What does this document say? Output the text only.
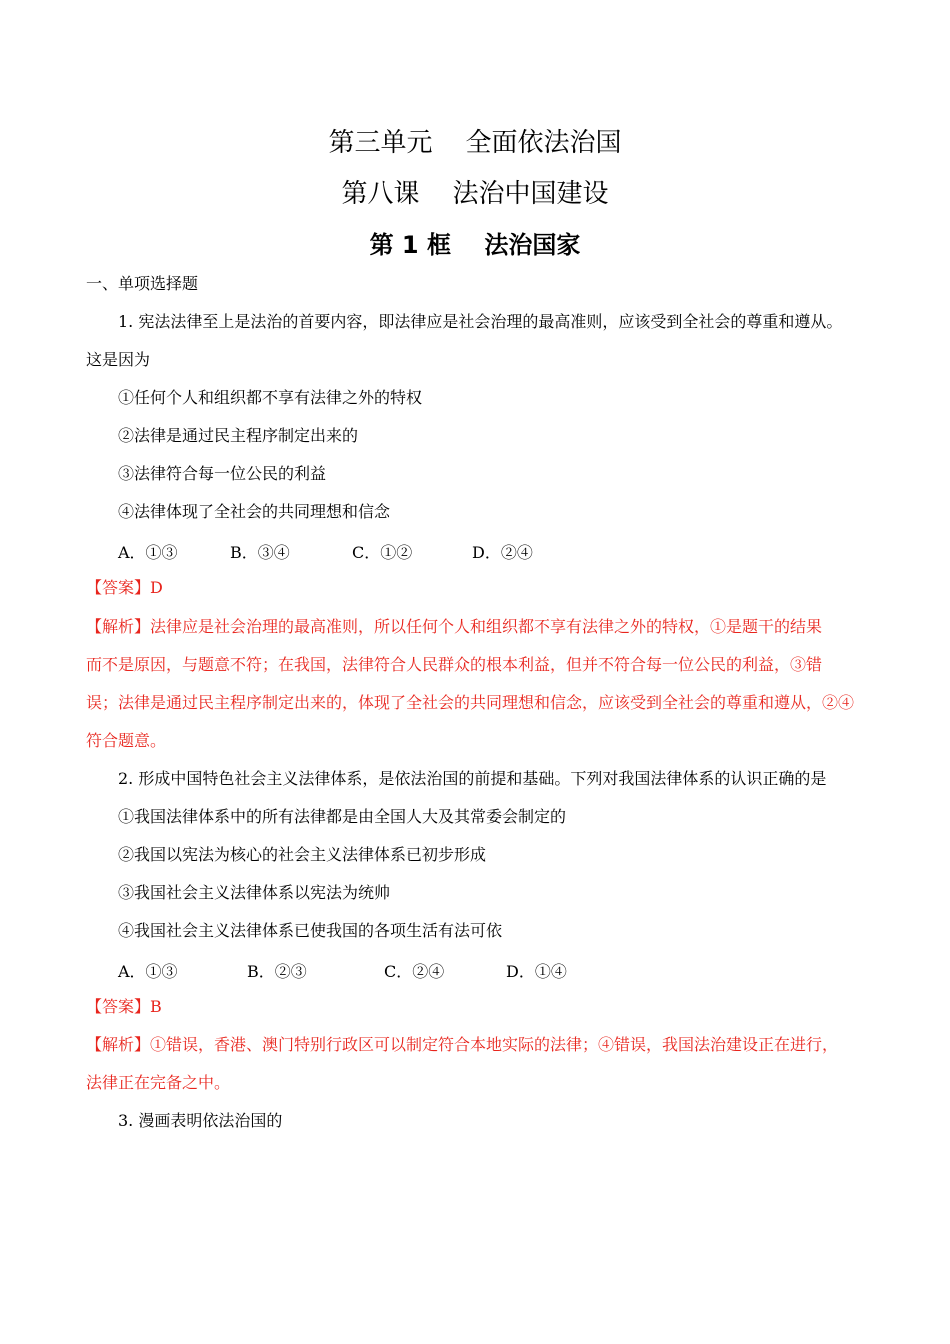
第三单元    全面依法治国
第八课    法治中国建设
第 1 框    法治国家
一、单项选择题
1. 宪法法律至上是法治的首要内容，即法律应是社会治理的最高准则，应该受到全社会的尊重和遵从。
这是因为
①任何个人和组织都不享有法律之外的特权
②法律是通过民主程序制定出来的
③法律符合每一位公民的利益
④法律体现了全社会的共同理想和信念
A．①③	B．③④	C．①②	D．②④
【答案】D
【解析】法律应是社会治理的最高准则，所以任何个人和组织都不享有法律之外的特权，①是题干的结果
而不是原因，与题意不符；在我国，法律符合人民群众的根本利益，但并不符合每一位公民的利益，③错
误；法律是通过民主程序制定出来的，体现了全社会的共同理想和信念，应该受到全社会的尊重和遵从，②④
符合题意。
2. 形成中国特色社会主义法律体系，是依法治国的前提和基础。下列对我国法律体系的认识正确的是
①我国法律体系中的所有法律都是由全国人大及其常委会制定的
②我国以宪法为核心的社会主义法律体系已初步形成
③我国社会主义法律体系以宪法为统帅
④我国社会主义法律体系已使我国的各项生活有法可依
A．①③	B．②③	C．②④	D．①④
【答案】B
【解析】①错误，香港、澳门特别行政区可以制定符合本地实际的法律；④错误，我国法治建设正在进行，
法律正在完备之中。
3. 漫画表明依法治国的
